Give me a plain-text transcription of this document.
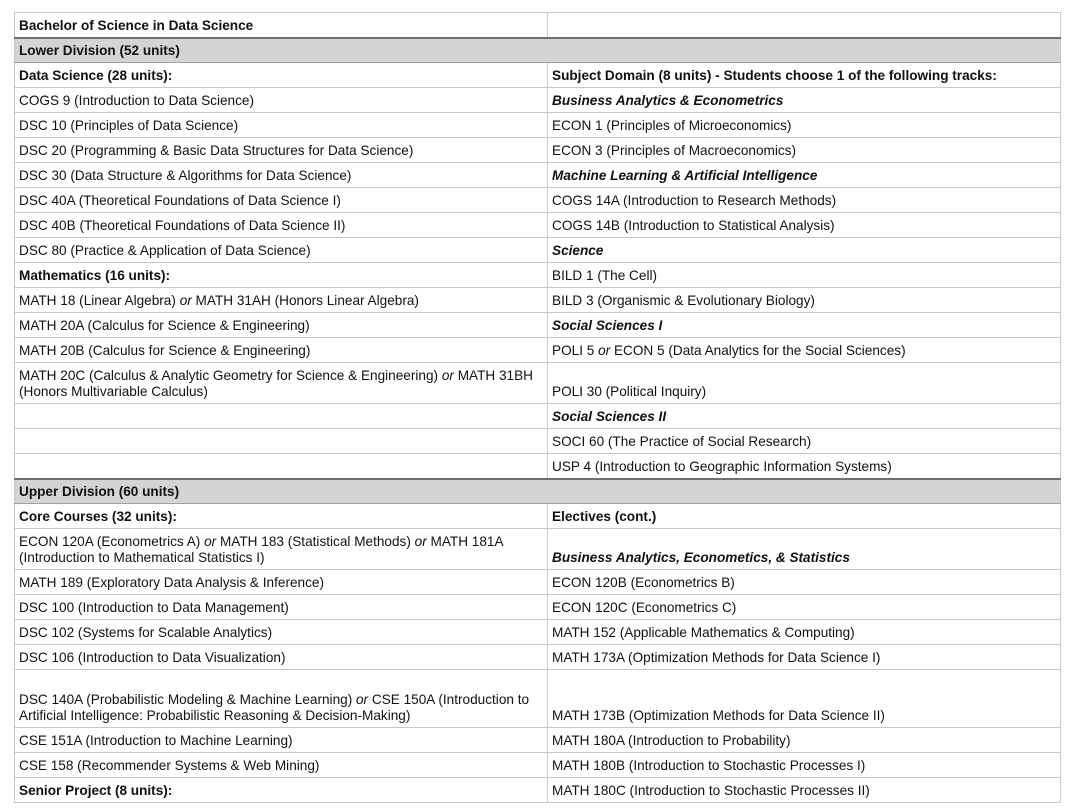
Bachelor of Science in Data Science	
Lower Division (52 units)	
Data Science (28 units):	Subject Domain (8 units) - Students choose 1 of the following tracks:
COGS 9 (Introduction to Data Science)	Business Analytics & Econometrics
DSC 10 (Principles of Data Science)	ECON 1 (Principles of Microeconomics)
DSC 20 (Programming & Basic Data Structures for Data Science)	ECON 3 (Principles of Macroeconomics)
DSC 30 (Data Structure & Algorithms for Data Science)	Machine Learning & Artificial Intelligence
DSC 40A (Theoretical Foundations of Data Science I)	COGS 14A (Introduction to Research Methods)
DSC 40B (Theoretical Foundations of Data Science II)	COGS 14B (Introduction to Statistical Analysis)
DSC 80 (Practice & Application of Data Science)	Science
Mathematics (16 units):	BILD 1 (The Cell)
MATH 18 (Linear Algebra) or MATH 31AH (Honors Linear Algebra)	BILD 3 (Organismic & Evolutionary Biology)
MATH 20A (Calculus for Science & Engineering)	Social Sciences I
MATH 20B (Calculus for Science & Engineering)	POLI 5 or ECON 5 (Data Analytics for the Social Sciences)
MATH 20C (Calculus & Analytic Geometry for Science & Engineering) or MATH 31BH (Honors Multivariable Calculus)	POLI 30 (Political Inquiry)
	Social Sciences II
	SOCI 60 (The Practice of Social Research)
	USP 4 (Introduction to Geographic Information Systems)
Upper Division (60 units)	
Core Courses (32 units):	Electives (cont.)
ECON 120A (Econometrics A) or MATH 183 (Statistical Methods) or MATH 181A (Introduction to Mathematical Statistics I)	Business Analytics, Econometics, & Statistics
MATH 189 (Exploratory Data Analysis & Inference)	ECON 120B (Econometrics B)
DSC 100 (Introduction to Data Management)	ECON 120C (Econometrics C)
DSC 102 (Systems for Scalable Analytics)	MATH 152 (Applicable Mathematics & Computing)
DSC 106 (Introduction to Data Visualization)	MATH 173A (Optimization Methods for Data Science I)
DSC 140A (Probabilistic Modeling & Machine Learning) or CSE 150A (Introduction to Artificial Intelligence: Probabilistic Reasoning & Decision-Making)	MATH 173B (Optimization Methods for Data Science II)
CSE 151A (Introduction to Machine Learning)	MATH 180A (Introduction to Probability)
CSE 158 (Recommender Systems & Web Mining)	MATH 180B (Introduction to Stochastic Processes I)
Senior Project (8 units):	MATH 180C (Introduction to Stochastic Processes II)
